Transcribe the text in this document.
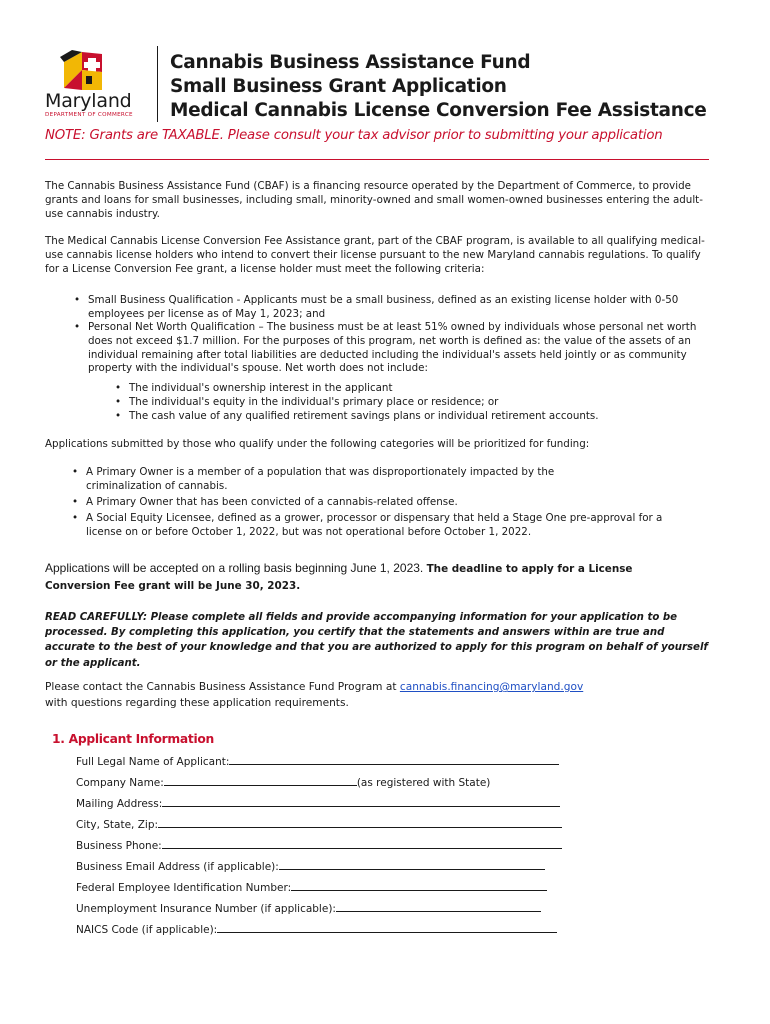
Maryland
DEPARTMENT OF COMMERCE
Cannabis Business Assistance Fund
Small Business Grant Application
Medical Cannabis License Conversion Fee Assistance
NOTE: Grants are TAXABLE. Please consult your tax advisor prior to submitting your application

The Cannabis Business Assistance Fund (CBAF) is a financing resource operated by the Department of Commerce, to provide grants and loans for small businesses, including small, minority-owned and small women-owned businesses entering the adult-use cannabis industry.

The Medical Cannabis License Conversion Fee Assistance grant, part of the CBAF program, is available to all qualifying medical-use cannabis license holders who intend to convert their license pursuant to the new Maryland cannabis regulations. To qualify for a License Conversion Fee grant, a license holder must meet the following criteria:

• Small Business Qualification - Applicants must be a small business, defined as an existing license holder with 0-50 employees per license as of May 1, 2023; and
• Personal Net Worth Qualification – The business must be at least 51% owned by individuals whose personal net worth does not exceed $1.7 million. For the purposes of this program, net worth is defined as: the value of the assets of an individual remaining after total liabilities are deducted including the individual's assets held jointly or as community property with the individual's spouse. Net worth does not include:
• The individual's ownership interest in the applicant
• The individual's equity in the individual's primary place or residence; or
• The cash value of any qualified retirement savings plans or individual retirement accounts.

Applications submitted by those who qualify under the following categories will be prioritized for funding:

• A Primary Owner is a member of a population that was disproportionately impacted by the criminalization of cannabis.
• A Primary Owner that has been convicted of a cannabis-related offense.
• A Social Equity Licensee, defined as a grower, processor or dispensary that held a Stage One pre-approval for a license on or before October 1, 2022, but was not operational before October 1, 2022.

Applications will be accepted on a rolling basis beginning June 1, 2023. The deadline to apply for a License Conversion Fee grant will be June 30, 2023.

READ CAREFULLY: Please complete all fields and provide accompanying information for your application to be processed. By completing this application, you certify that the statements and answers within are true and accurate to the best of your knowledge and that you are authorized to apply for this program on behalf of yourself or the applicant.

Please contact the Cannabis Business Assistance Fund Program at cannabis.financing@maryland.gov
with questions regarding these application requirements.

1. Applicant Information
Full Legal Name of Applicant:
Company Name:	(as registered with State)
Mailing Address:
City, State, Zip:
Business Phone:
Business Email Address (if applicable):
Federal Employee Identification Number:
Unemployment Insurance Number (if applicable):
NAICS Code (if applicable):
